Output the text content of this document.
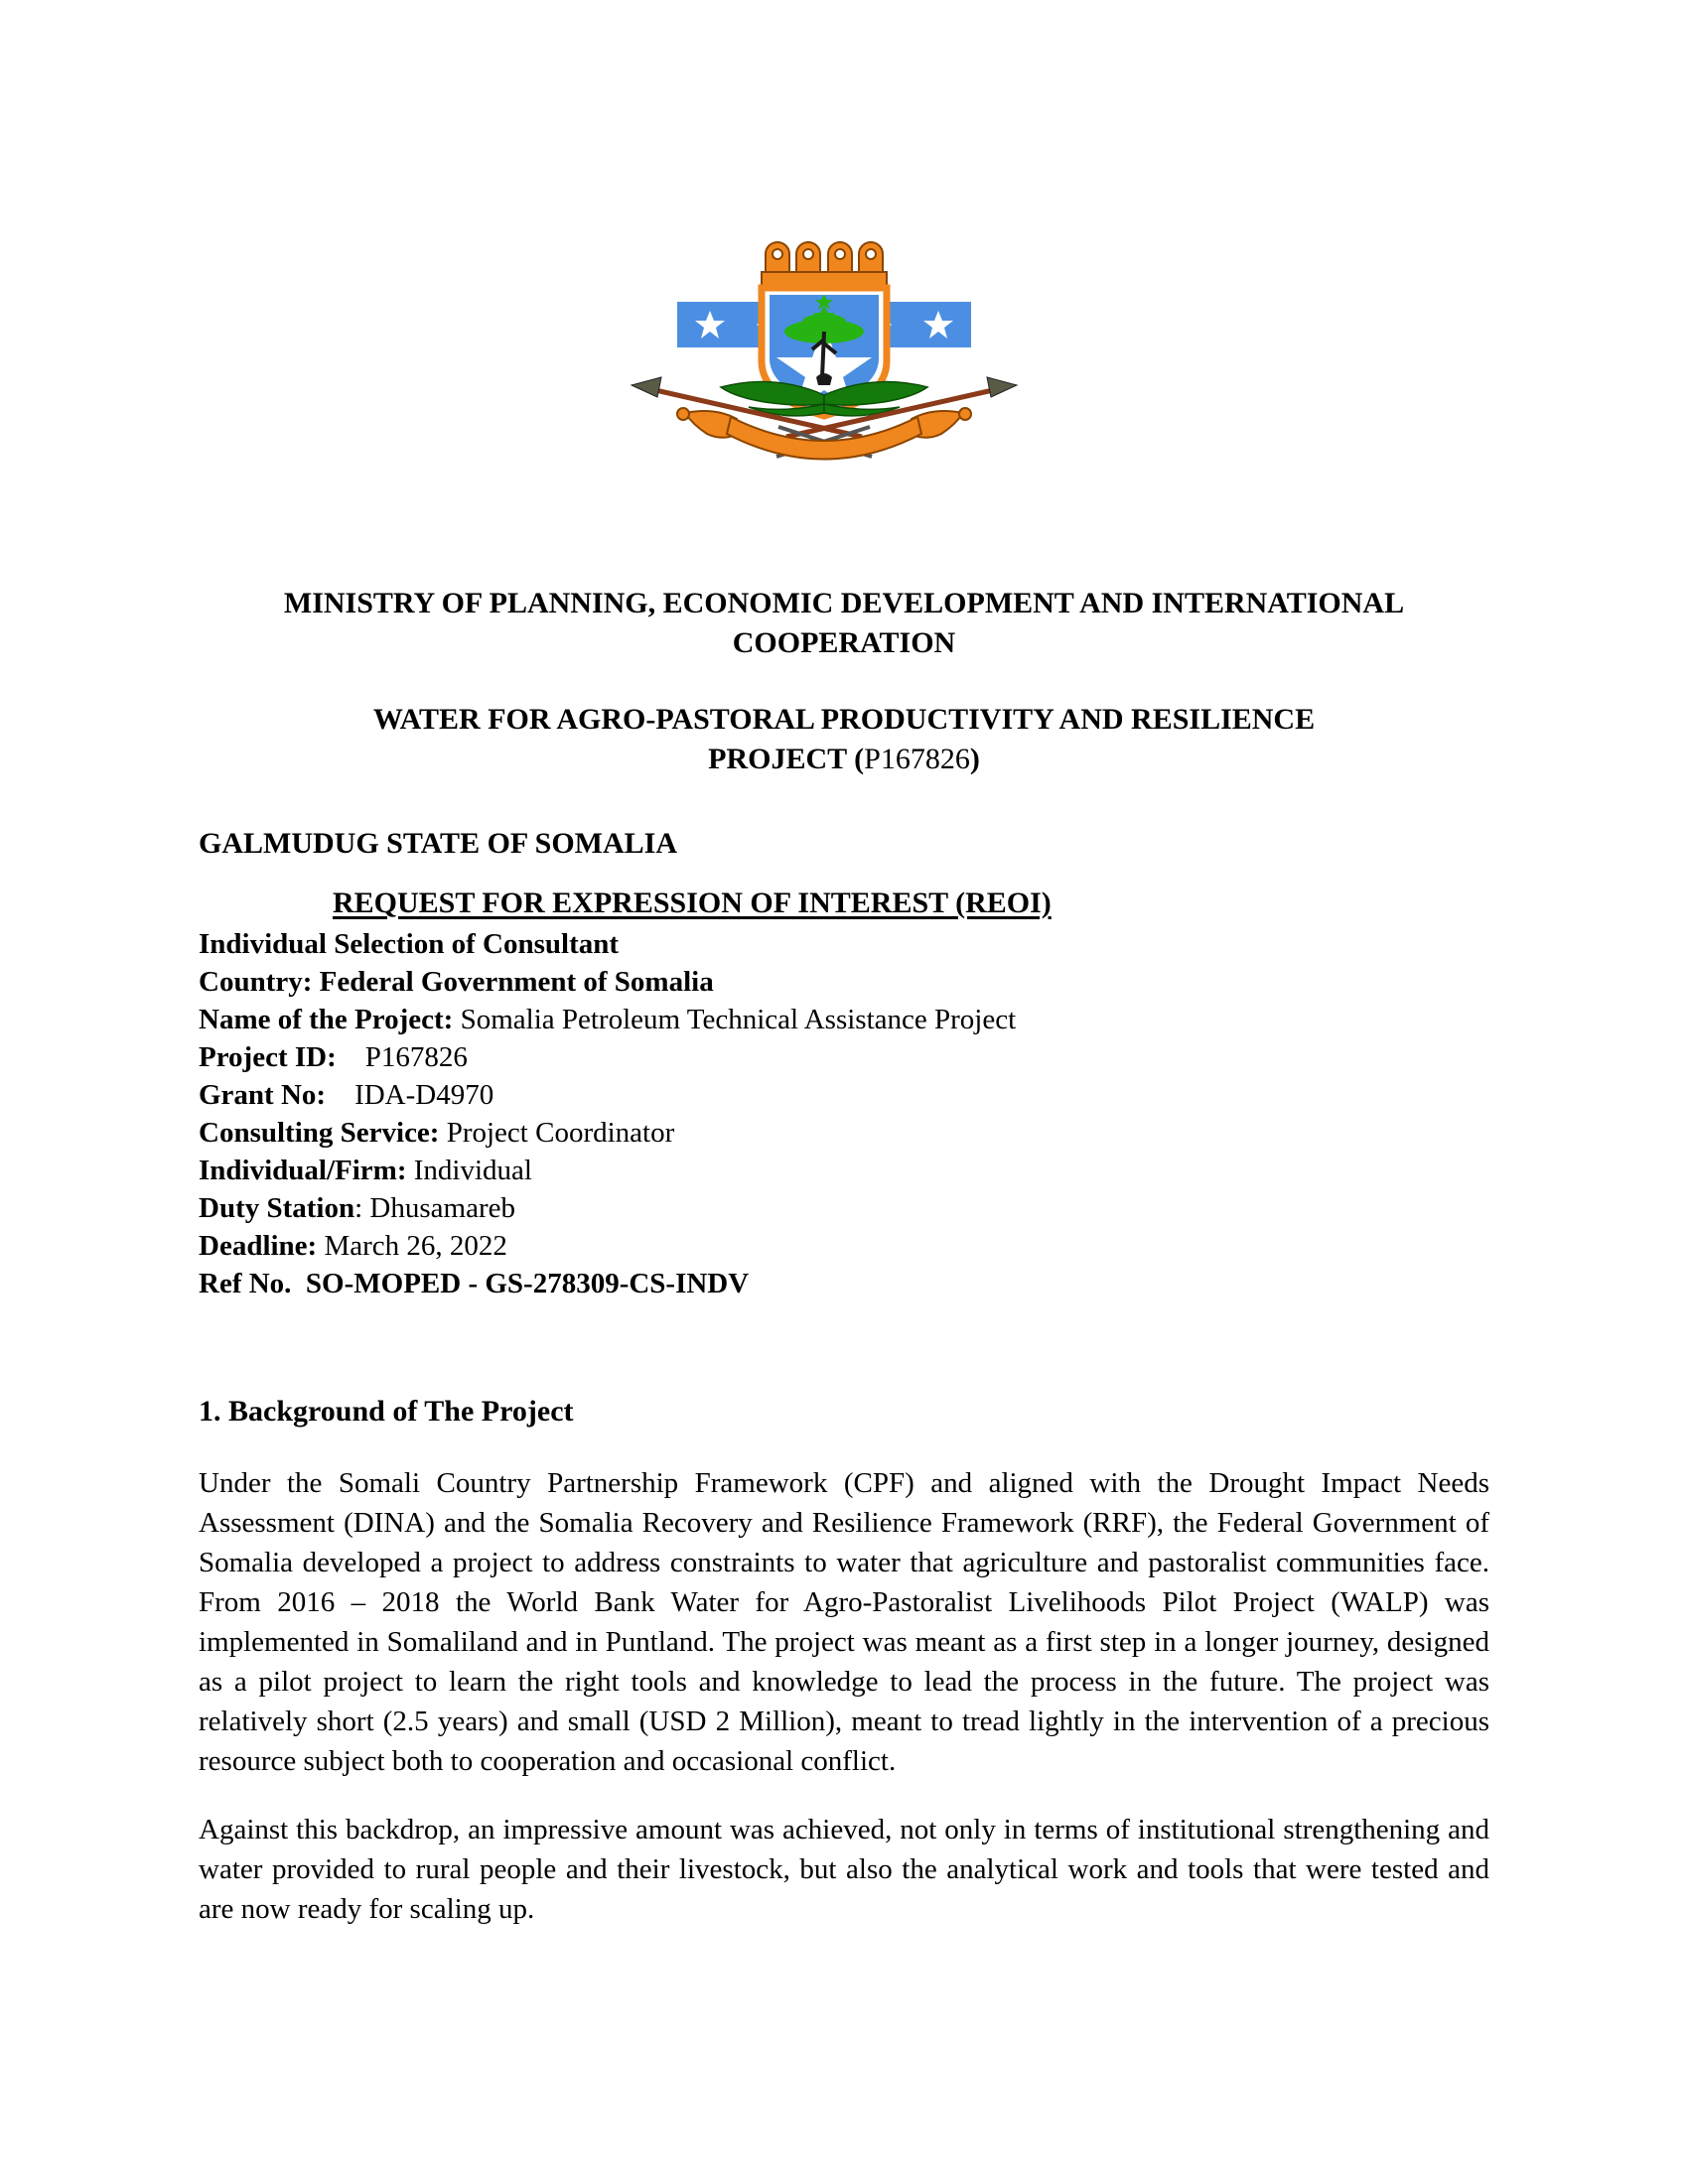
MINISTRY OF PLANNING, ECONOMIC DEVELOPMENT AND INTERNATIONAL
COOPERATION
WATER FOR AGRO-PASTORAL PRODUCTIVITY AND RESILIENCE
PROJECT (P167826)
GALMUDUG STATE OF SOMALIA
REQUEST FOR EXPRESSION OF INTEREST (REOI)
Individual Selection of Consultant
Country: Federal Government of Somalia
Name of the Project: Somalia Petroleum Technical Assistance Project
Project ID:    P167826
Grant No:    IDA-D4970
Consulting Service: Project Coordinator
Individual/Firm: Individual
Duty Station: Dhusamareb
Deadline: March 26, 2022
Ref No.  SO-MOPED - GS-278309-CS-INDV
1. Background of The Project

Under the Somali Country Partnership Framework (CPF) and aligned with the Drought Impact Needs Assessment (DINA) and the Somalia Recovery and Resilience Framework (RRF), the Federal Government of Somalia developed a project to address constraints to water that agriculture and pastoralist communities face. From 2016 – 2018 the World Bank Water for Agro-Pastoralist Livelihoods Pilot Project (WALP) was implemented in Somaliland and in Puntland. The project was meant as a first step in a longer journey, designed as a pilot project to learn the right tools and knowledge to lead the process in the future. The project was relatively short (2.5 years) and small (USD 2 Million), meant to tread lightly in the intervention of a precious resource subject both to cooperation and occasional conflict.

Against this backdrop, an impressive amount was achieved, not only in terms of institutional strengthening and water provided to rural people and their livestock, but also the analytical work and tools that were tested and are now ready for scaling up.
